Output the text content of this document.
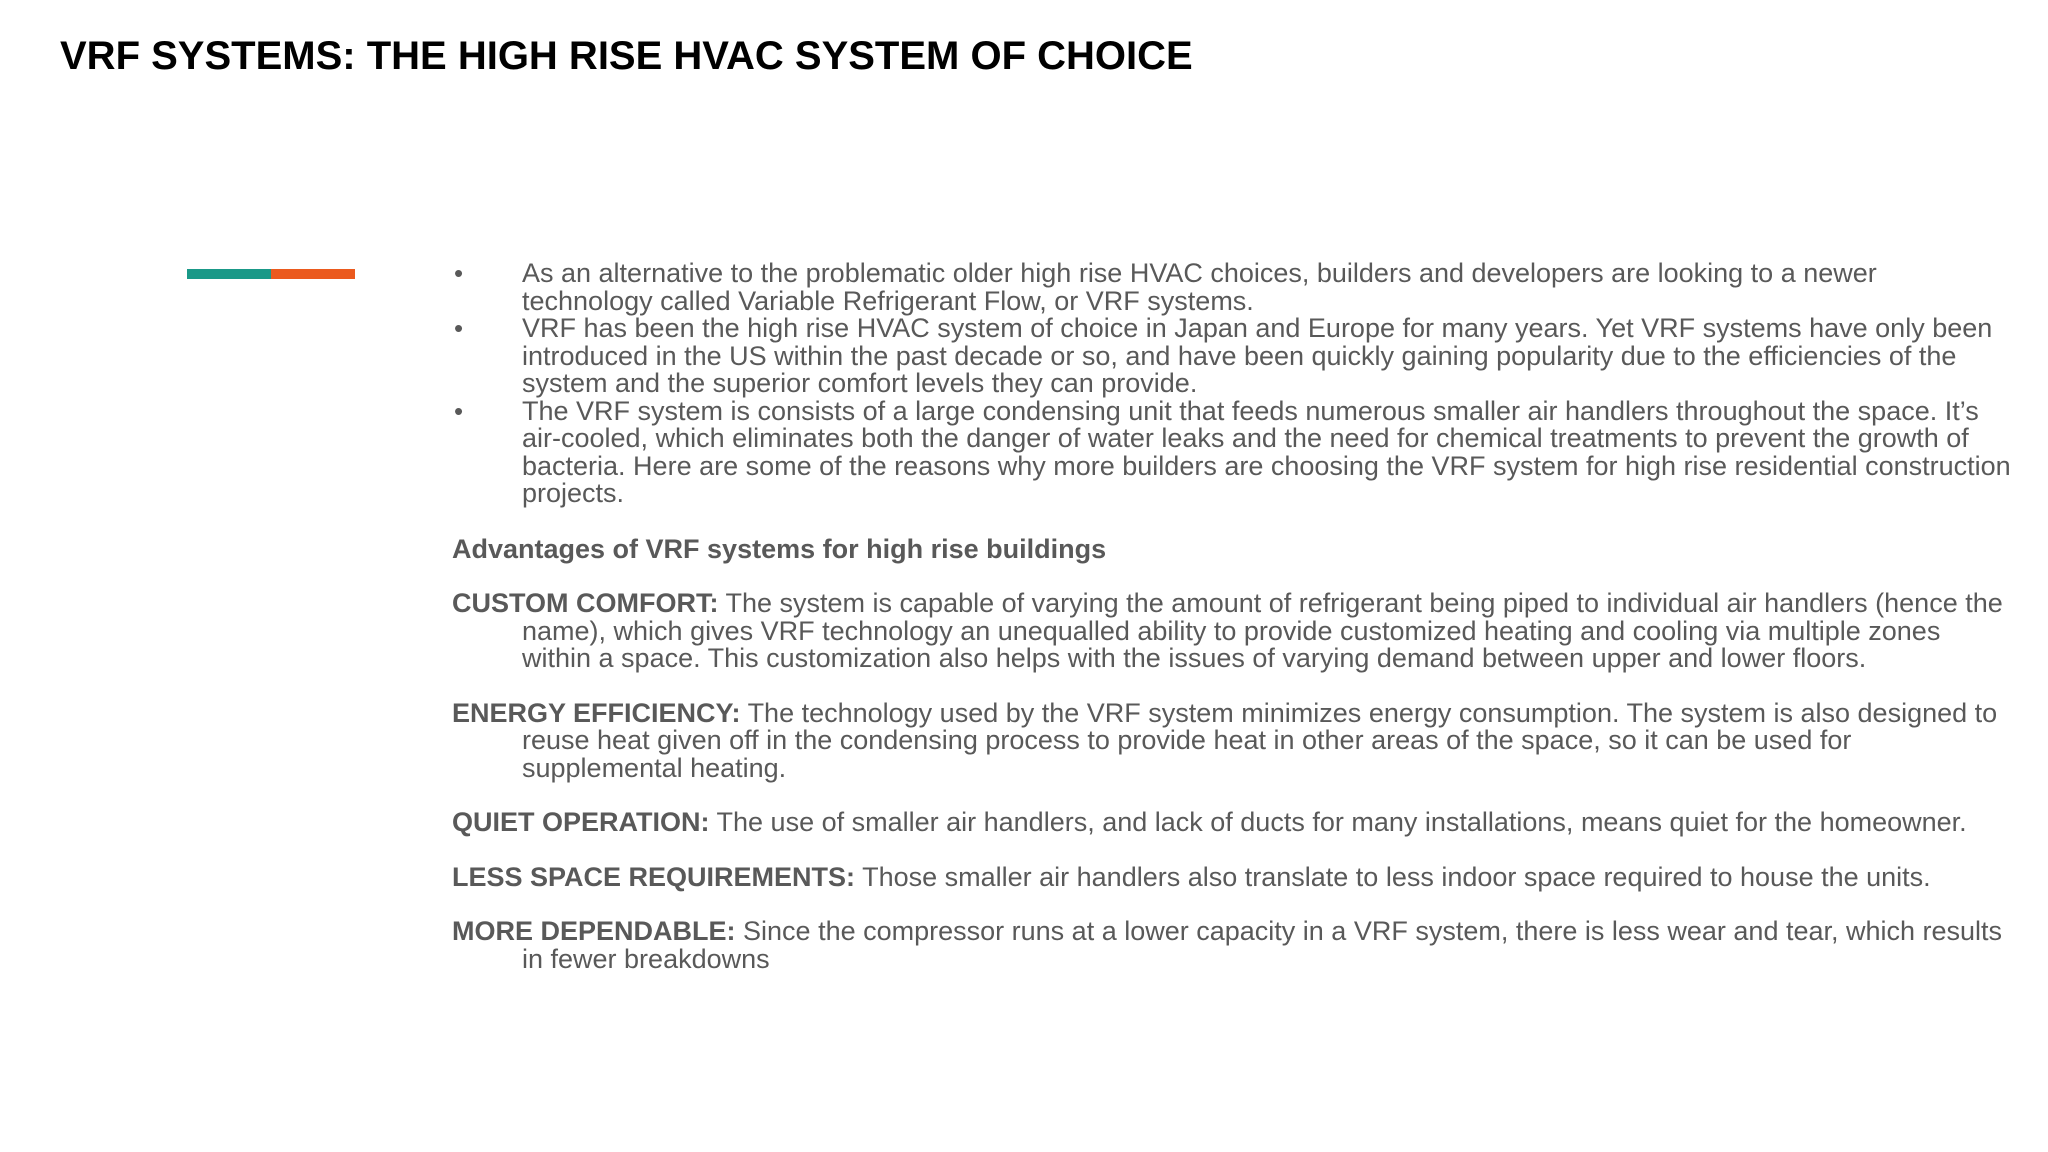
VRF SYSTEMS: THE HIGH RISE HVAC SYSTEM OF CHOICE
• As an alternative to the problematic older high rise HVAC choices, builders and developers are looking to a newer technology called Variable Refrigerant Flow, or VRF systems.
• VRF has been the high rise HVAC system of choice in Japan and Europe for many years. Yet VRF systems have only been introduced in the US within the past decade or so, and have been quickly gaining popularity due to the efficiencies of the system and the superior comfort levels they can provide.
• The VRF system is consists of a large condensing unit that feeds numerous smaller air handlers throughout the space. It’s air-cooled, which eliminates both the danger of water leaks and the need for chemical treatments to prevent the growth of bacteria. Here are some of the reasons why more builders are choosing the VRF system for high rise residential construction projects.

Advantages of VRF systems for high rise buildings

CUSTOM COMFORT: The system is capable of varying the amount of refrigerant being piped to individual air handlers (hence the name), which gives VRF technology an unequalled ability to provide customized heating and cooling via multiple zones within a space. This customization also helps with the issues of varying demand between upper and lower floors.

ENERGY EFFICIENCY: The technology used by the VRF system minimizes energy consumption. The system is also designed to reuse heat given off in the condensing process to provide heat in other areas of the space, so it can be used for supplemental heating.

QUIET OPERATION: The use of smaller air handlers, and lack of ducts for many installations, means quiet for the homeowner.

LESS SPACE REQUIREMENTS: Those smaller air handlers also translate to less indoor space required to house the units.

MORE DEPENDABLE: Since the compressor runs at a lower capacity in a VRF system, there is less wear and tear, which results in fewer breakdowns
